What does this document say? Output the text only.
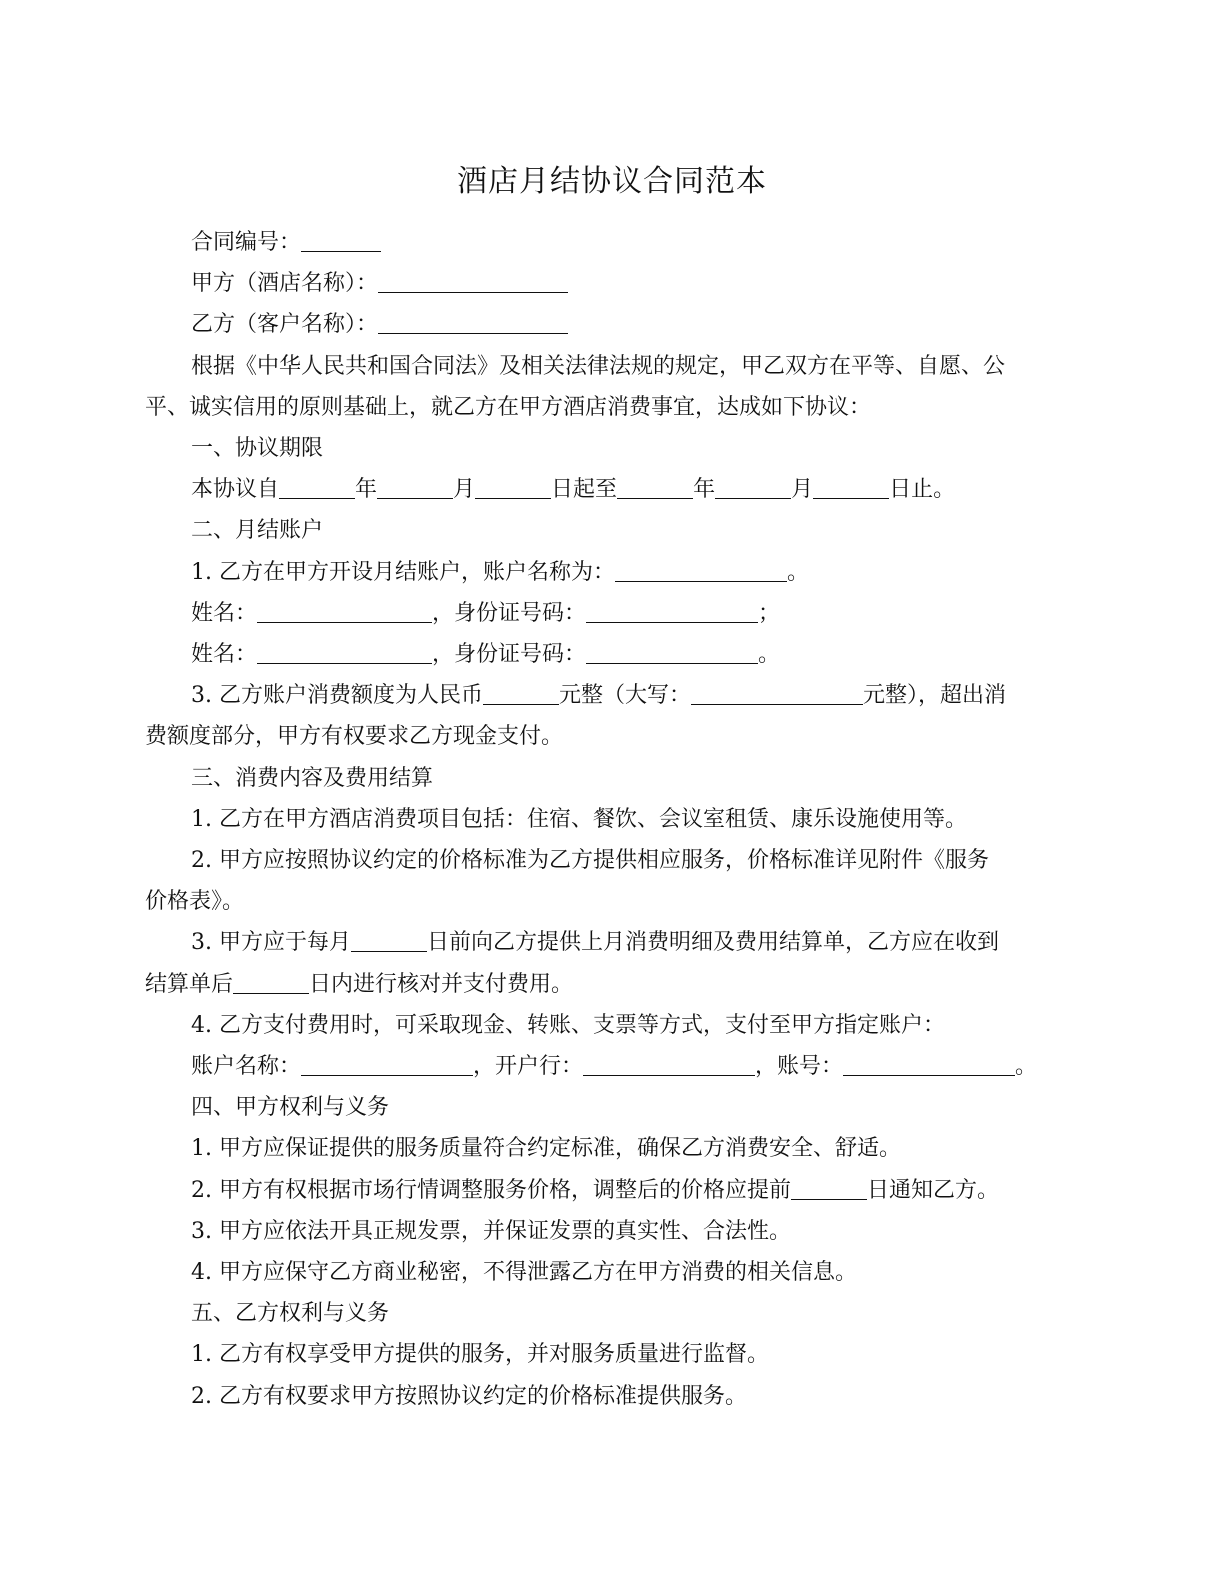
酒店月结协议合同范本

合同编号：

甲方（酒店名称）：

乙方（客户名称）：

根据《中华人民共和国合同法》及相关法律法规的规定，甲乙双方在平等、自愿、公

平、诚实信用的原则基础上，就乙方在甲方酒店消费事宜，达成如下协议：

一、协议期限

本协议自	年	月	日起至	年	月	日止。

二、月结账户

1. 乙方在甲方开设月结账户，账户名称为：	。

姓名：	，身份证号码：	；

姓名：	，身份证号码：	。

3. 乙方账户消费额度为人民币	元整（大写：	元整），超出消

费额度部分，甲方有权要求乙方现金支付。

三、消费内容及费用结算

1. 乙方在甲方酒店消费项目包括：住宿、餐饮、会议室租赁、康乐设施使用等。

2. 甲方应按照协议约定的价格标准为乙方提供相应服务，价格标准详见附件《服务

价格表》。

3. 甲方应于每月	日前向乙方提供上月消费明细及费用结算单，乙方应在收到

结算单后	日内进行核对并支付费用。

4. 乙方支付费用时，可采取现金、转账、支票等方式，支付至甲方指定账户：

账户名称：	，开户行：	，账号：	。

四、甲方权利与义务

1. 甲方应保证提供的服务质量符合约定标准，确保乙方消费安全、舒适。

2. 甲方有权根据市场行情调整服务价格，调整后的价格应提前	日通知乙方。

3. 甲方应依法开具正规发票，并保证发票的真实性、合法性。

4. 甲方应保守乙方商业秘密，不得泄露乙方在甲方消费的相关信息。

五、乙方权利与义务

1. 乙方有权享受甲方提供的服务，并对服务质量进行监督。

2. 乙方有权要求甲方按照协议约定的价格标准提供服务。
